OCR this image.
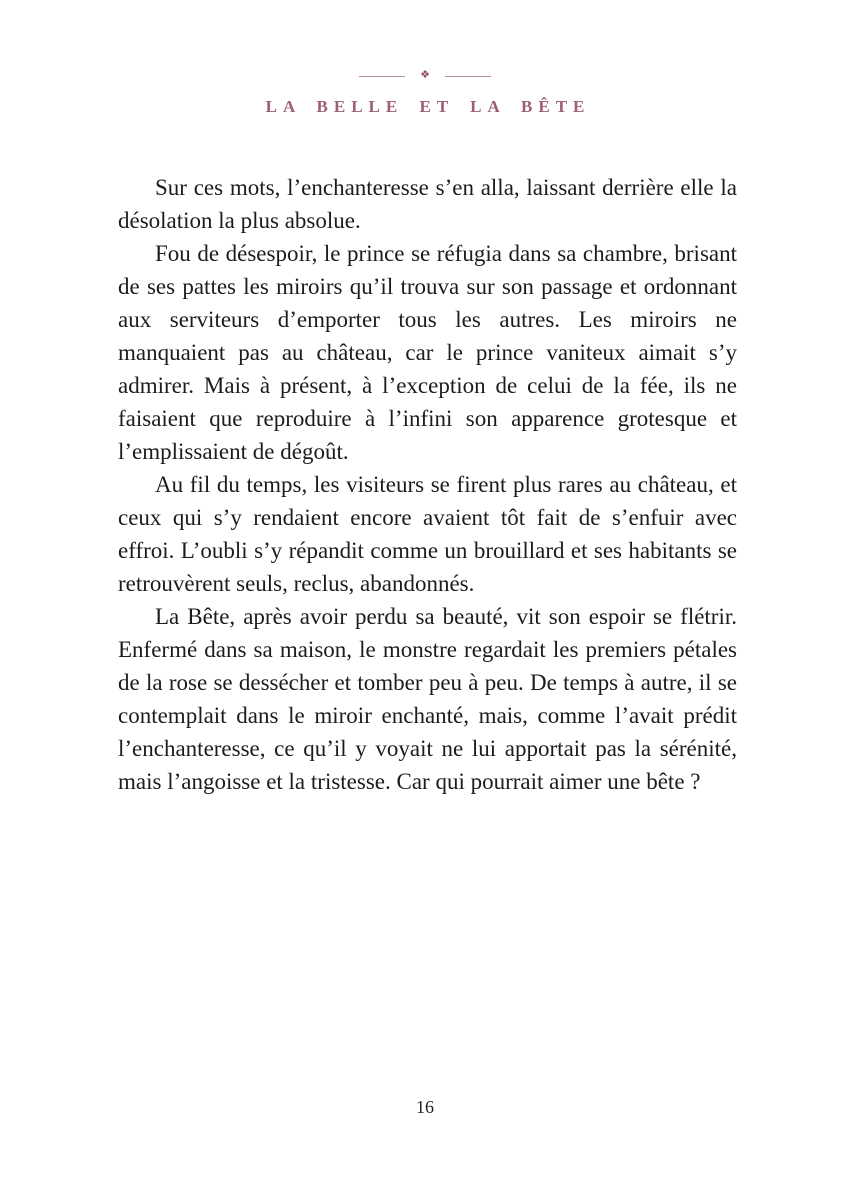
❖
LA BELLE ET LA BÊTE

Sur ces mots, l’enchanteresse s’en alla, laissant derrière elle la désolation la plus absolue.

Fou de désespoir, le prince se réfugia dans sa chambre, brisant de ses pattes les miroirs qu’il trouva sur son passage et ordonnant aux serviteurs d’emporter tous les autres. Les miroirs ne manquaient pas au château, car le prince vaniteux aimait s’y admirer. Mais à présent, à l’exception de celui de la fée, ils ne faisaient que reproduire à l’infini son apparence grotesque et l’emplissaient de dégoût.

Au fil du temps, les visiteurs se firent plus rares au château, et ceux qui s’y rendaient encore avaient tôt fait de s’enfuir avec effroi. L’oubli s’y répandit comme un brouillard et ses habitants se retrouvèrent seuls, reclus, abandonnés.

La Bête, après avoir perdu sa beauté, vit son espoir se flétrir. Enfermé dans sa maison, le monstre regardait les premiers pétales de la rose se dessécher et tomber peu à peu. De temps à autre, il se contemplait dans le miroir enchanté, mais, comme l’avait prédit l’enchanteresse, ce qu’il y voyait ne lui apportait pas la sérénité, mais l’angoisse et la tristesse. Car qui pourrait aimer une bête ?

16
